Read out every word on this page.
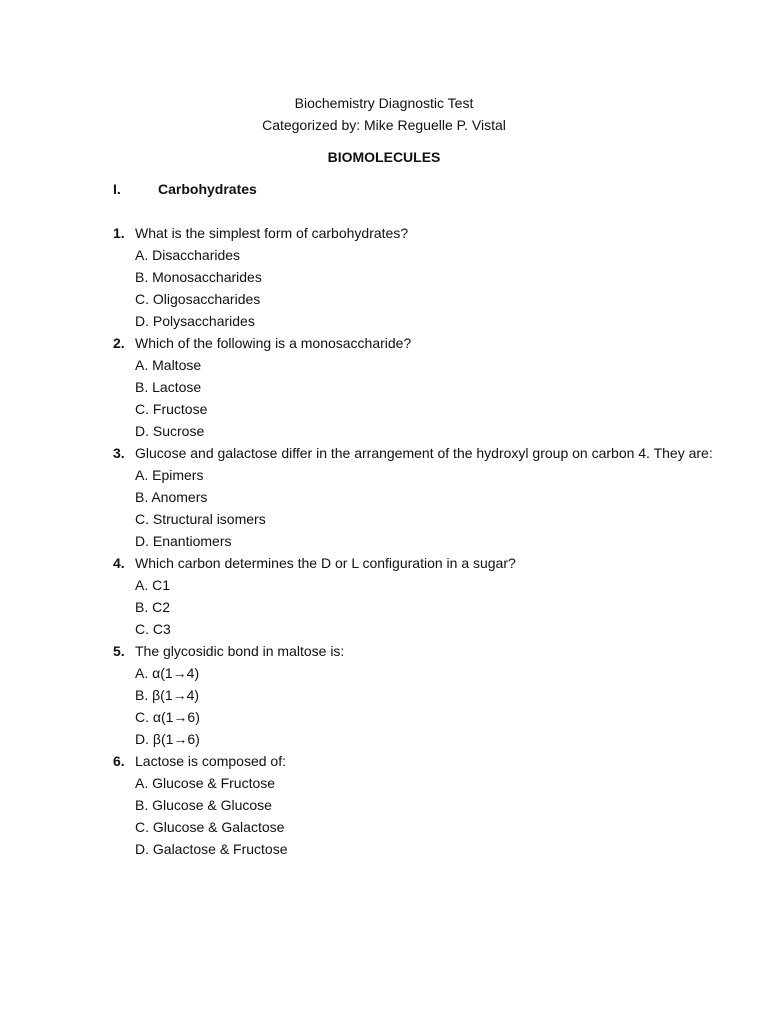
Biochemistry Diagnostic Test
Categorized by: Mike Reguelle P. Vistal
BIOMOLECULES
I.	Carbohydrates
1. What is the simplest form of carbohydrates?
A. Disaccharides
B. Monosaccharides
C. Oligosaccharides
D. Polysaccharides
2. Which of the following is a monosaccharide?
A. Maltose
B. Lactose
C. Fructose
D. Sucrose
3. Glucose and galactose differ in the arrangement of the hydroxyl group on carbon 4. They are:
A. Epimers
B. Anomers
C. Structural isomers
D. Enantiomers
4. Which carbon determines the D or L configuration in a sugar?
A. C1
B. C2
C. C3
5. The glycosidic bond in maltose is:
A. α(1→4)
B. β(1→4)
C. α(1→6)
D. β(1→6)
6. Lactose is composed of:
A. Glucose & Fructose
B. Glucose & Glucose
C. Glucose & Galactose
D. Galactose & Fructose
